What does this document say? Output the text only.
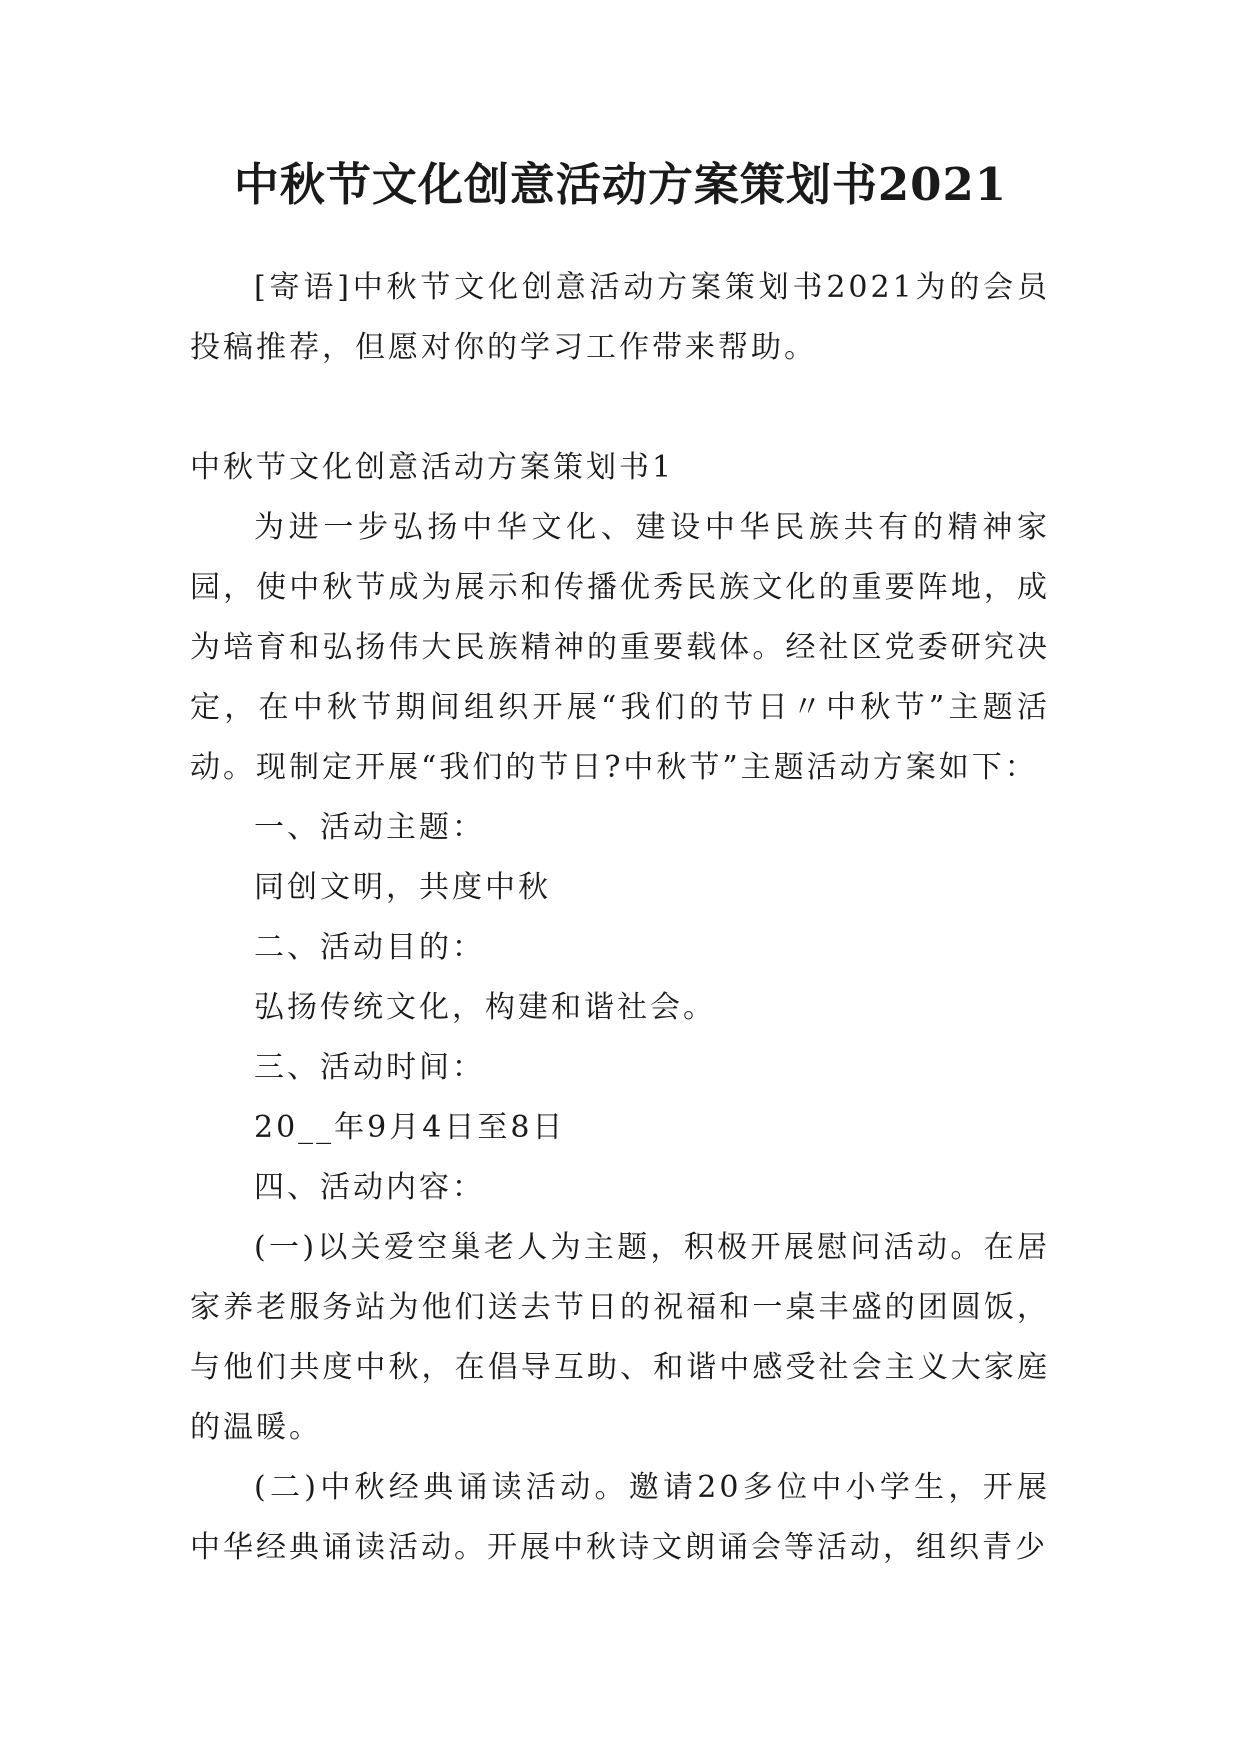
中秋节文化创意活动方案策划书2021

[寄语]中秋节文化创意活动方案策划书2021为的会员投稿推荐，但愿对你的学习工作带来帮助。

中秋节文化创意活动方案策划书1

为进一步弘扬中华文化、建设中华民族共有的精神家园，使中秋节成为展示和传播优秀民族文化的重要阵地，成为培育和弘扬伟大民族精神的重要载体。经社区党委研究决定，在中秋节期间组织开展“我们的节日〃中秋节”主题活动。现制定开展“我们的节日?中秋节”主题活动方案如下：

一、活动主题：

同创文明，共度中秋

二、活动目的：

弘扬传统文化，构建和谐社会。

三、活动时间：

20__年9月4日至8日

四、活动内容：

(一)以关爱空巢老人为主题，积极开展慰问活动。在居家养老服务站为他们送去节日的祝福和一桌丰盛的团圆饭，与他们共度中秋，在倡导互助、和谐中感受社会主义大家庭的温暖。

(二)中秋经典诵读活动。邀请20多位中小学生，开展中华经典诵读活动。开展中秋诗文朗诵会等活动，组织青少
